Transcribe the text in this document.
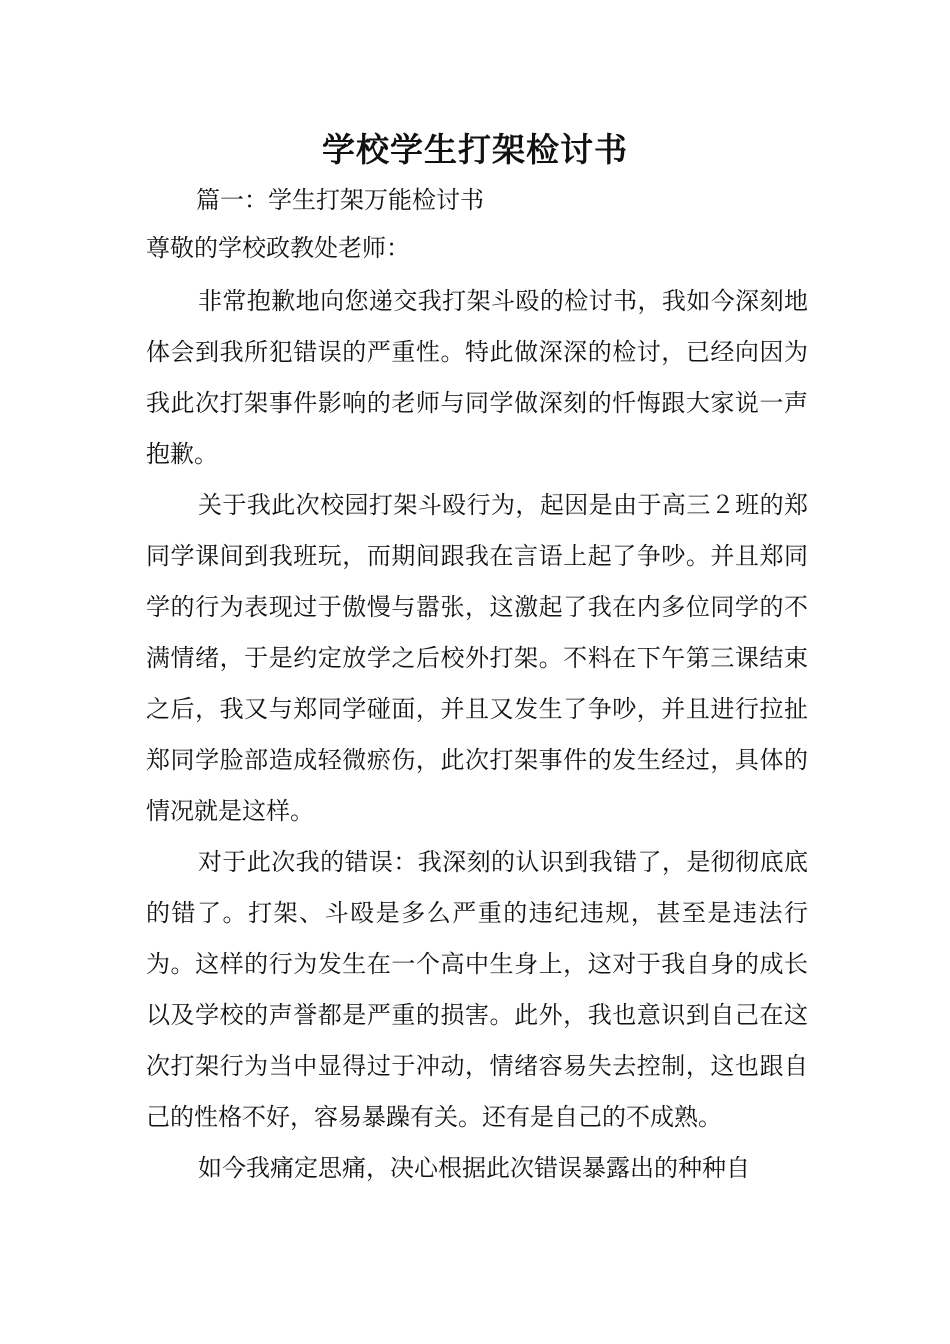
学校学生打架检讨书

篇一：学生打架万能检讨书

尊敬的学校政教处老师：

非常抱歉地向您递交我打架斗殴的检讨书，我如今深刻地体会到我所犯错误的严重性。特此做深深的检讨，已经向因为我此次打架事件影响的老师与同学做深刻的忏悔跟大家说一声抱歉。

关于我此次校园打架斗殴行为，起因是由于高三２班的郑同学课间到我班玩，而期间跟我在言语上起了争吵。并且郑同学的行为表现过于傲慢与嚣张，这激起了我在内多位同学的不满情绪，于是约定放学之后校外打架。不料在下午第三课结束之后，我又与郑同学碰面，并且又发生了争吵，并且进行拉扯郑同学脸部造成轻微瘀伤，此次打架事件的发生经过，具体的情况就是这样。

对于此次我的错误：我深刻的认识到我错了，是彻彻底底的错了。打架、斗殴是多么严重的违纪违规，甚至是违法行为。这样的行为发生在一个高中生身上，这对于我自身的成长以及学校的声誉都是严重的损害。此外，我也意识到自己在这次打架行为当中显得过于冲动，情绪容易失去控制，这也跟自己的性格不好，容易暴躁有关。还有是自己的不成熟。

如今我痛定思痛，决心根据此次错误暴露出的种种自
